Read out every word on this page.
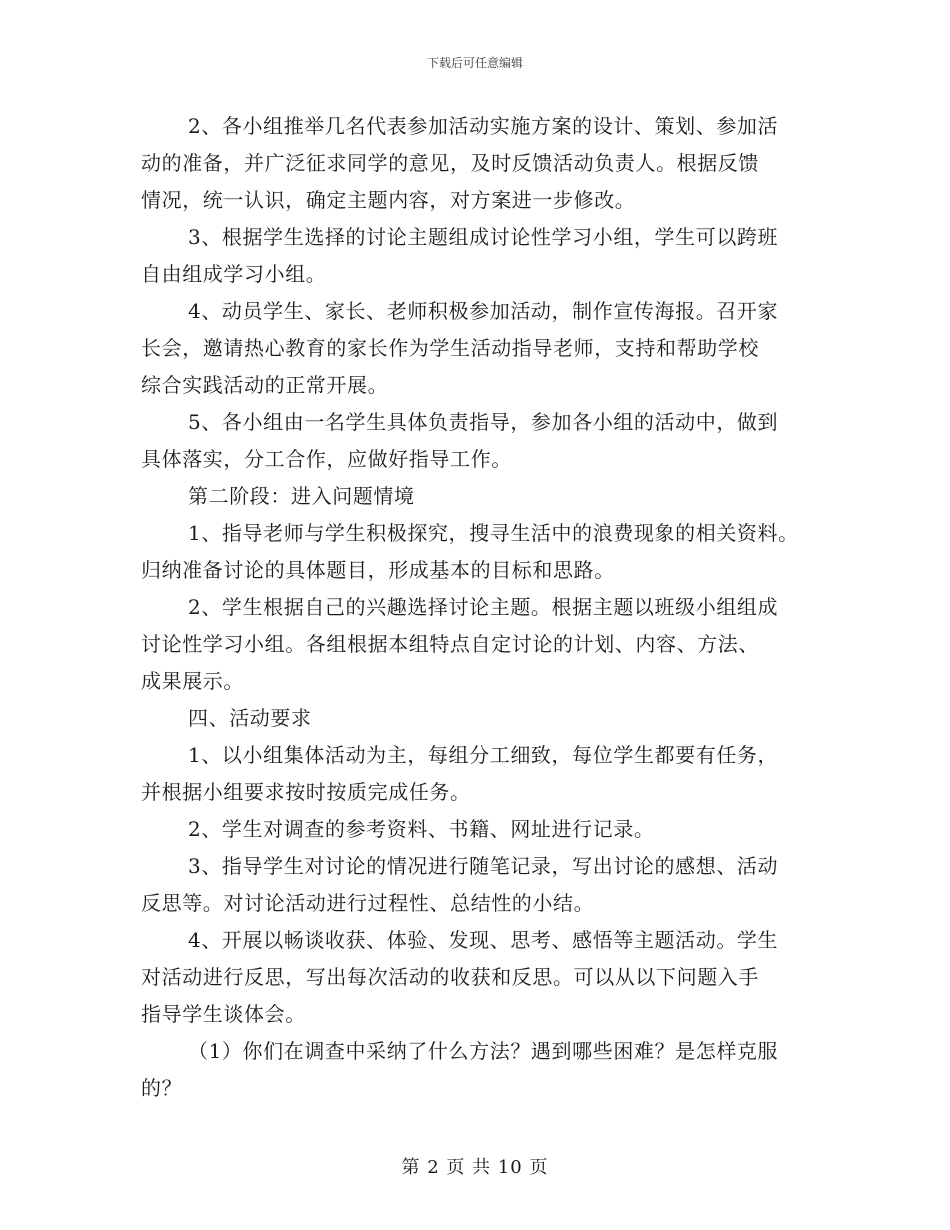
下载后可任意编辑
2、各小组推举几名代表参加活动实施方案的设计、策划、参加活
动的准备，并广泛征求同学的意见，及时反馈活动负责人。根据反馈
情况，统一认识，确定主题内容，对方案进一步修改。
3、根据学生选择的讨论主题组成讨论性学习小组，学生可以跨班
自由组成学习小组。
4、动员学生、家长、老师积极参加活动，制作宣传海报。召开家
长会，邀请热心教育的家长作为学生活动指导老师，支持和帮助学校
综合实践活动的正常开展。
5、各小组由一名学生具体负责指导，参加各小组的活动中，做到
具体落实，分工合作，应做好指导工作。
第二阶段：进入问题情境
1、指导老师与学生积极探究，搜寻生活中的浪费现象的相关资料。
归纳准备讨论的具体题目，形成基本的目标和思路。
2、学生根据自己的兴趣选择讨论主题。根据主题以班级小组组成
讨论性学习小组。各组根据本组特点自定讨论的计划、内容、方法、
成果展示。
四、活动要求
1、以小组集体活动为主，每组分工细致，每位学生都要有任务，
并根据小组要求按时按质完成任务。
2、学生对调查的参考资料、书籍、网址进行记录。
3、指导学生对讨论的情况进行随笔记录，写出讨论的感想、活动
反思等。对讨论活动进行过程性、总结性的小结。
4、开展以畅谈收获、体验、发现、思考、感悟等主题活动。学生
对活动进行反思，写出每次活动的收获和反思。可以从以下问题入手
指导学生谈体会。
（1）你们在调查中采纳了什么方法？遇到哪些困难？是怎样克服
的？
第 2 页 共 10 页
